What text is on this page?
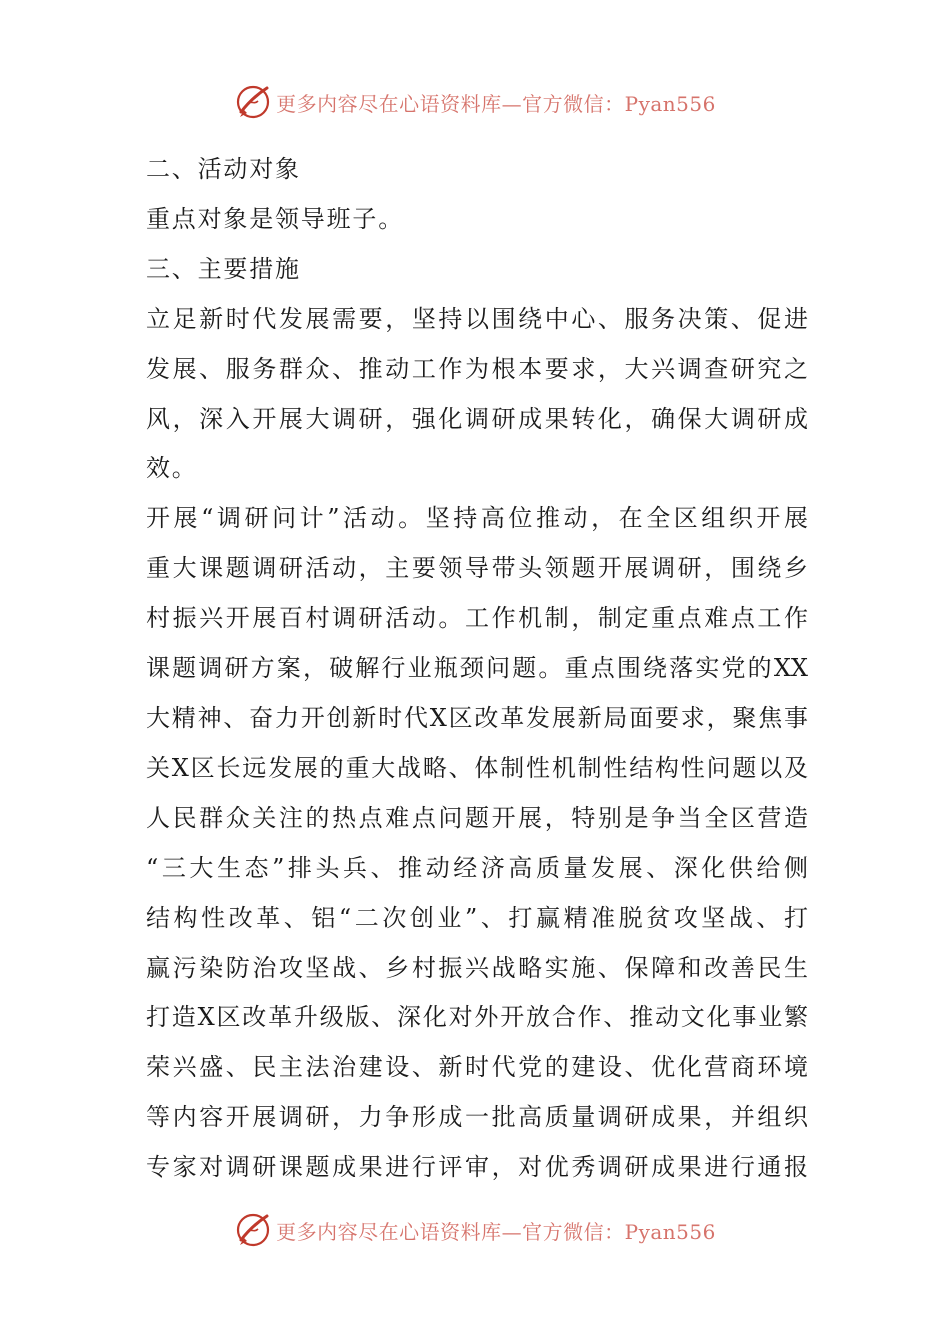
更多内容尽在心语资料库—官方微信：Pyan556

二、活动对象

重点对象是领导班子。

三、主要措施

立足新时代发展需要，坚持以围绕中心、服务决策、促进

发展、服务群众、推动工作为根本要求，大兴调查研究之

风，深入开展大调研，强化调研成果转化，确保大调研成

效。

开展“调研问计”活动。坚持高位推动，在全区组织开展

重大课题调研活动，主要领导带头领题开展调研，围绕乡

村振兴开展百村调研活动。工作机制，制定重点难点工作

课题调研方案，破解行业瓶颈问题。重点围绕落实党的XX

大精神、奋力开创新时代X区改革发展新局面要求，聚焦事

关X区长远发展的重大战略、体制性机制性结构性问题以及

人民群众关注的热点难点问题开展，特别是争当全区营造

“三大生态”排头兵、推动经济高质量发展、深化供给侧

结构性改革、铝“二次创业”、打赢精准脱贫攻坚战、打

赢污染防治攻坚战、乡村振兴战略实施、保障和改善民生

打造X区改革升级版、深化对外开放合作、推动文化事业繁

荣兴盛、民主法治建设、新时代党的建设、优化营商环境

等内容开展调研，力争形成一批高质量调研成果，并组织

专家对调研课题成果进行评审，对优秀调研成果进行通报

更多内容尽在心语资料库—官方微信：Pyan556
